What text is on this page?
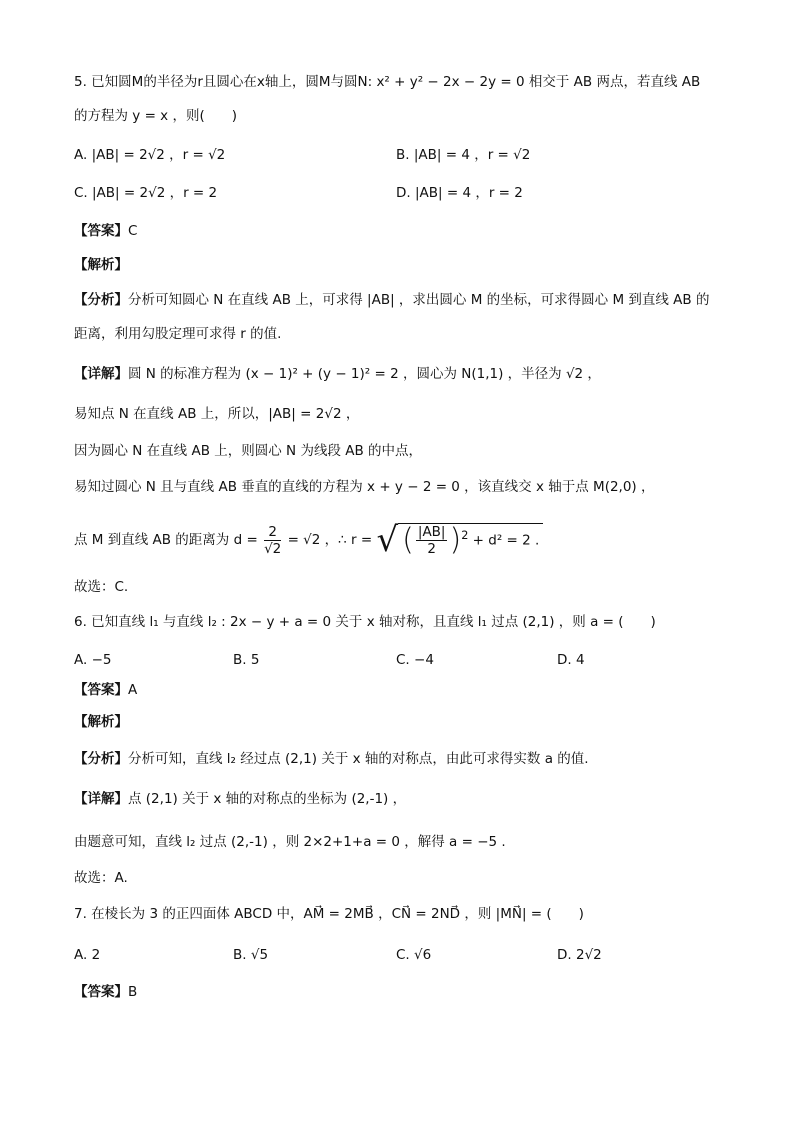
5. 已知圆M的半径为r且圆心在x轴上，圆M与圆N: x² + y² − 2x − 2y = 0 相交于 AB 两点，若直线 AB
的方程为 y = x ，则(　　)
A. |AB| = 2√2 ，r = √2	B. |AB| = 4 ，r = √2
C. |AB| = 2√2 ，r = 2	D. |AB| = 4 ，r = 2
【答案】C
【解析】
【分析】分析可知圆心 N 在直线 AB 上，可求得 |AB| ，求出圆心 M 的坐标，可求得圆心 M 到直线 AB 的
距离，利用勾股定理可求得 r 的值.
【详解】圆 N 的标准方程为 (x − 1)² + (y − 1)² = 2 ，圆心为 N(1,1) ，半径为 √2 ，
易知点 N 在直线 AB 上，所以，|AB| = 2√2 ，
因为圆心 N 在直线 AB 上，则圆心 N 为线段 AB 的中点，
易知过圆心 N 且与直线 AB 垂直的直线的方程为 x + y − 2 = 0 ，该直线交 x 轴于点 M(2,0) ，
点 M 到直线 AB 的距离为 $d = \frac{2}{√2} = √2$ ，∴ r = √ ( $\frac{|AB|}{2} )^2 + d^2 = 2$ .
故选：C.
6. 已知直线 l₁ 与直线 l₂ : 2x − y + a = 0 关于 x 轴对称，且直线 l₁ 过点 (2,1) ，则 a = (　　)
A. −5	B. 5	C. −4	D. 4
【答案】A
【解析】
【分析】分析可知，直线 l₂ 经过点 (2,1) 关于 x 轴的对称点，由此可求得实数 a 的值.
【详解】点 (2,1) 关于 x 轴的对称点的坐标为 (2,‑1) ，
由题意可知，直线 l₂ 过点 (2,‑1) ，则 2×2+1+a = 0 ，解得 a = −5 .
故选：A.
7. 在棱长为 3 的正四面体 ABCD 中，AM⃗ = 2MB⃗ ，CN⃗ = 2ND⃗ ，则 |MN⃗| = (　　)
A. 2	B. √5	C. √6	D. 2√2
【答案】B
